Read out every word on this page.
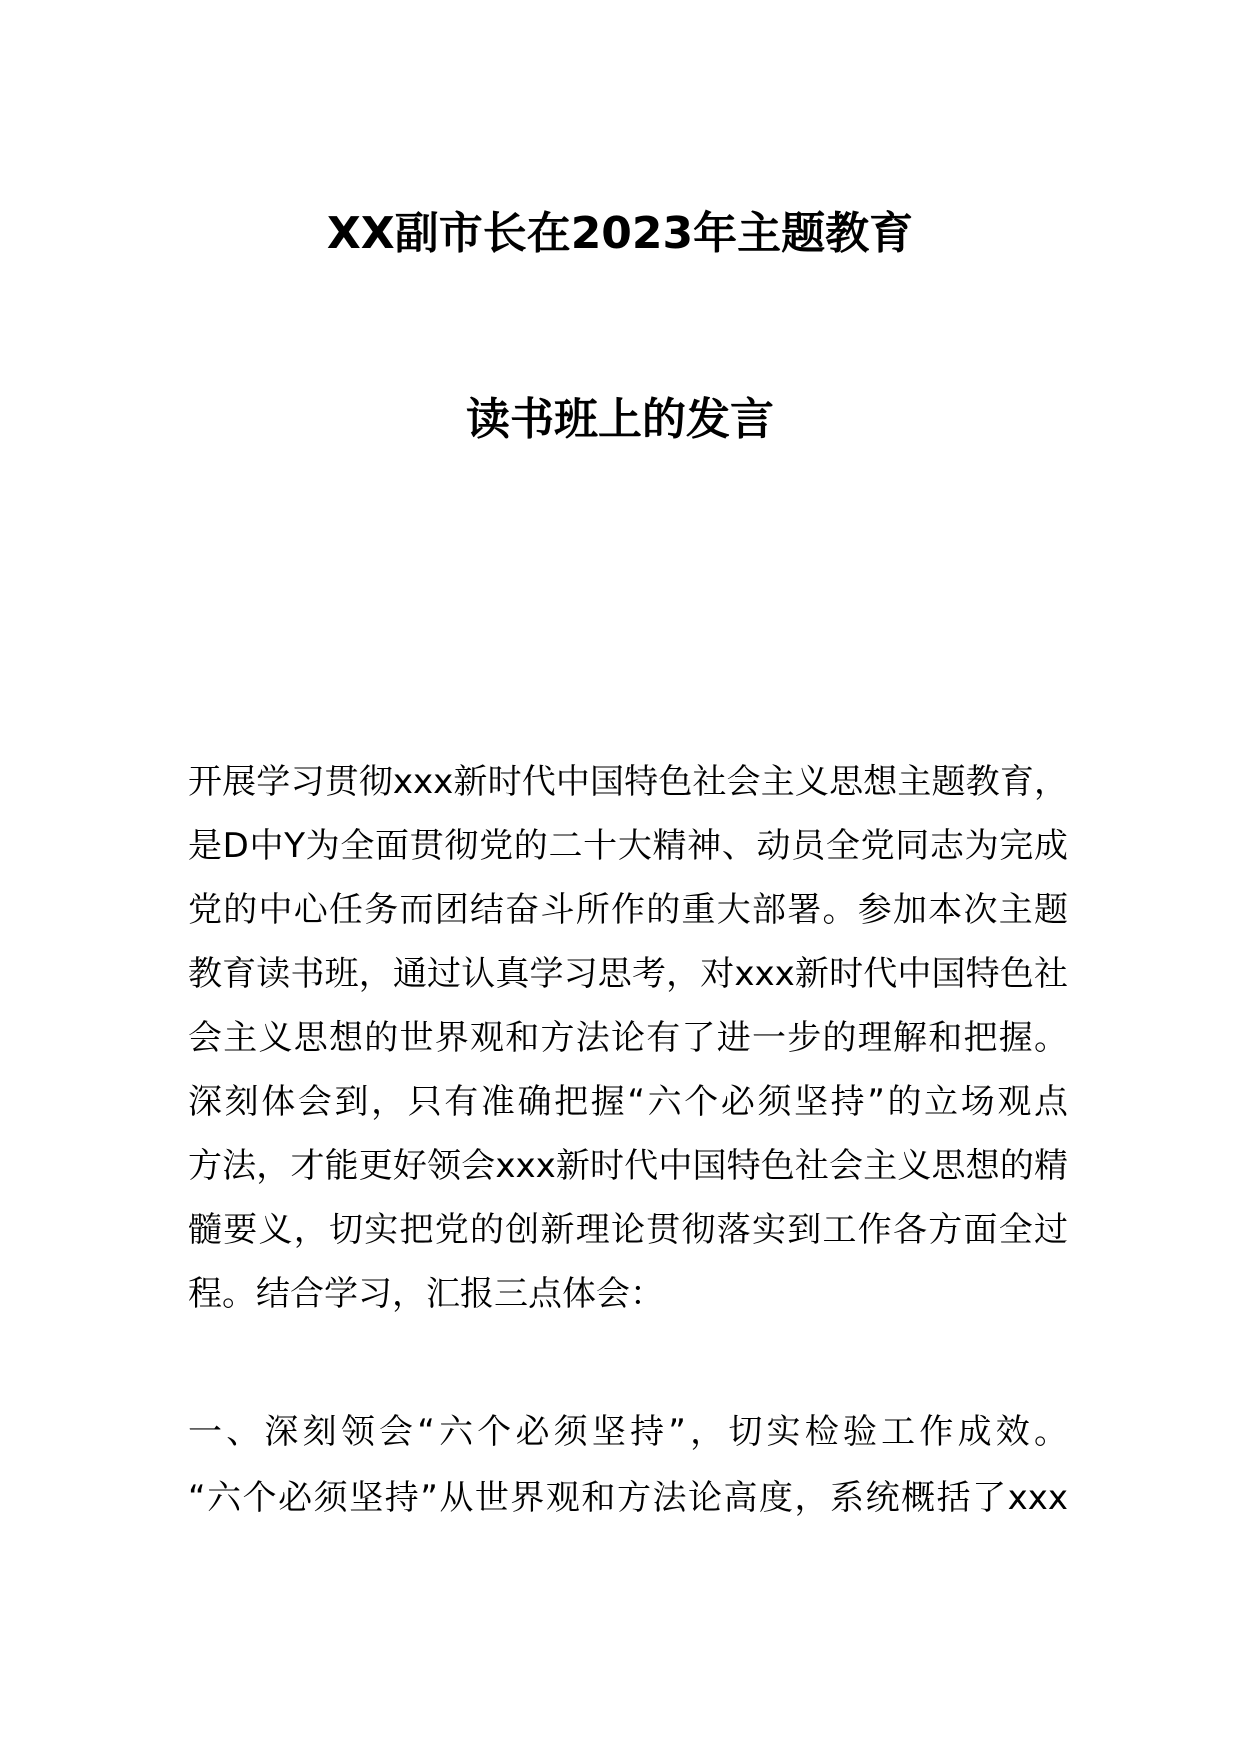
XX副市长在2023年主题教育
读书班上的发言
开展学习贯彻xxx新时代中国特色社会主义思想主题教育，
是D中Y为全面贯彻党的二十大精神、动员全党同志为完成
党的中心任务而团结奋斗所作的重大部署。参加本次主题
教育读书班，通过认真学习思考，对xxx新时代中国特色社
会主义思想的世界观和方法论有了进一步的理解和把握。
深刻体会到，只有准确把握“六个必须坚持”的立场观点
方法，才能更好领会xxx新时代中国特色社会主义思想的精
髓要义，切实把党的创新理论贯彻落实到工作各方面全过
程。结合学习，汇报三点体会：
一、深刻领会“六个必须坚持”，切实检验工作成效。
“六个必须坚持”从世界观和方法论高度，系统概括了xxx
